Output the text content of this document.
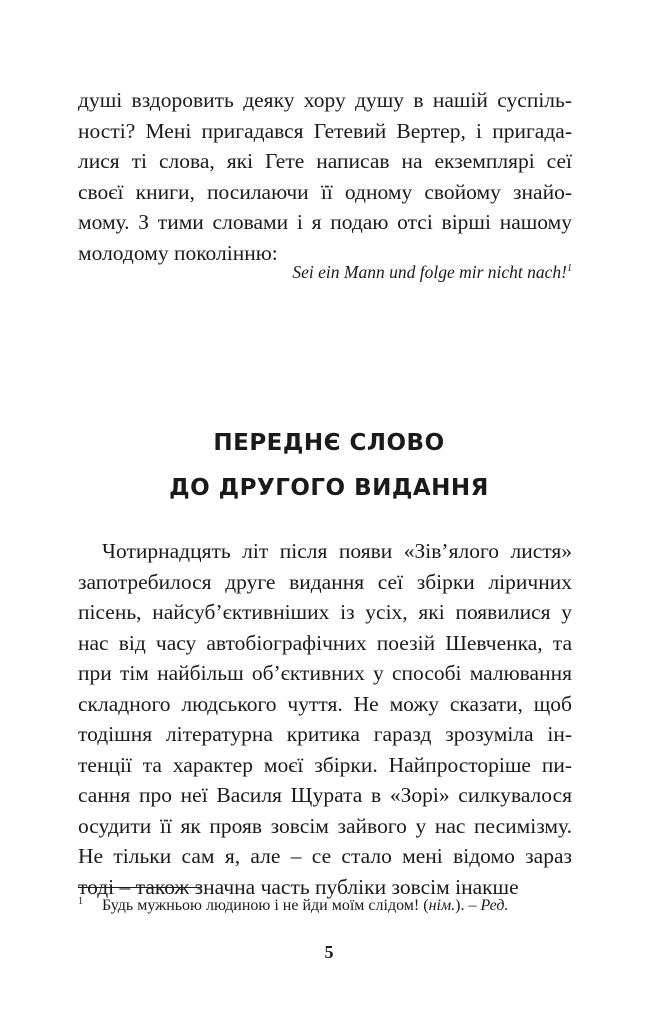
душі вздоровить деяку хору душу в нашій суспіль-
ності? Мені пригадався Гетевий Вертер, і пригада-
лися ті слова, які Гете написав на екземплярі сеї
своєї книги, посилаючи її одному свойому знайо-
мому. З тими словами і я подаю отсі вірші нашому
молодому поколінню:
Sei ein Mann und folge mir nicht nach!$^1$
ПЕРЕДНЄ СЛОВО
ДО ДРУГОГО ВИДАННЯ
Чотирнадцять літ після появи «Зів’ялого листя»
запотребилося друге видання сеї збірки ліричних
пісень, найсуб’єктивніших із усіх, які появилися у
нас від часу автобіографічних поезій Шевченка, та
при тім найбільш об’єктивних у способі малювання
складного людського чуття. Не можу сказати, щоб
тодішня літературна критика гаразд зрозуміла ін-
тенції та характер моєї збірки. Найпросторіше пи-
сання про неї Василя Щурата в «Зорі» силкувалося
осудити її як прояв зовсім зайвого у нас песимізму.
Не тільки сам я, але – се стало мені відомо зараз
тоді – також значна часть публіки зовсім інакше
1 Будь мужньою людиною і не йди моїм слідом! (нім.). – Ред.
5
